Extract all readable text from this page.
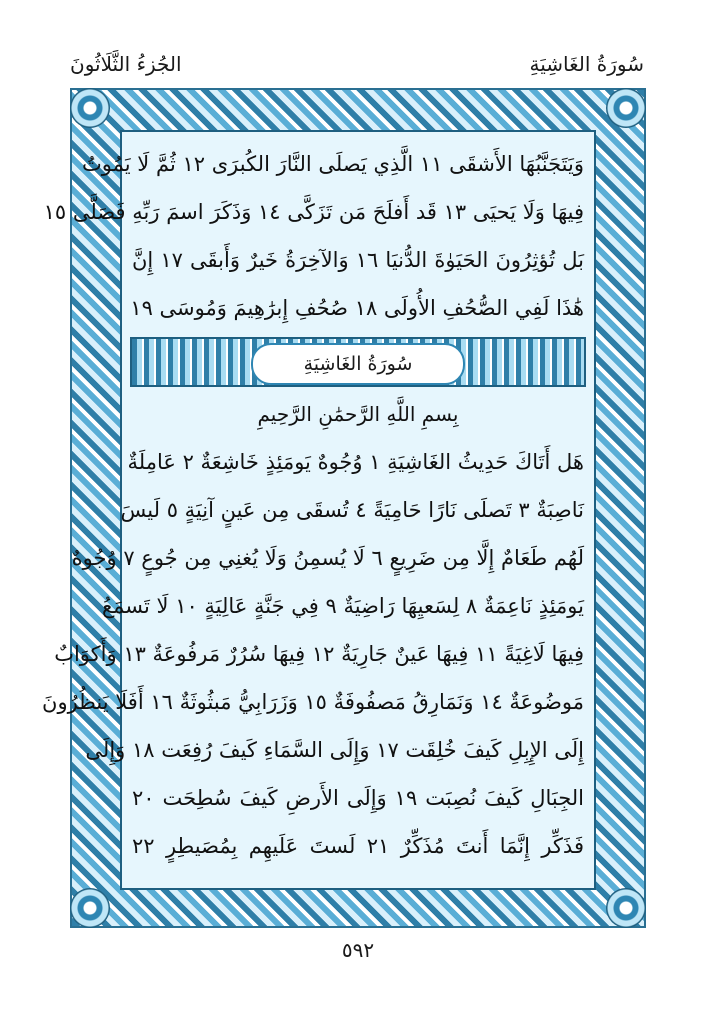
الجُزءُ الثَّلَاثُونَ	سُورَةُ الغَاشِيَةِ
وَيَتَجَنَّبُهَا الأَشقَى ١١ الَّذِي يَصلَى النَّارَ الكُبرَى ١٢ ثُمَّ لَا يَمُوتُ
فِيهَا وَلَا يَحيَى ١٣ قَد أَفلَحَ مَن تَزَكَّى ١٤ وَذَكَرَ اسمَ رَبِّهِ فَصَلَّى ١٥
بَل تُؤثِرُونَ الحَيَوٰةَ الدُّنيَا ١٦ وَالآخِرَةُ خَيرٌ وَأَبقَى ١٧ إِنَّ
هَٰذَا لَفِي الصُّحُفِ الأُولَى ١٨ صُحُفِ إِبرَٰهِيمَ وَمُوسَى ١٩
سُورَةُ الغَاشِيَةِ
بِسمِ اللَّهِ الرَّحمَٰنِ الرَّحِيمِ
هَل أَتَاكَ حَدِيثُ الغَاشِيَةِ ١ وُجُوهٌ يَومَئِذٍ خَاشِعَةٌ ٢ عَامِلَةٌ
نَاصِبَةٌ ٣ تَصلَى نَارًا حَامِيَةً ٤ تُسقَى مِن عَينٍ آنِيَةٍ ٥ لَيسَ
لَهُم طَعَامٌ إِلَّا مِن ضَرِيعٍ ٦ لَا يُسمِنُ وَلَا يُغنِي مِن جُوعٍ ٧ وُجُوهٌ
يَومَئِذٍ نَاعِمَةٌ ٨ لِسَعيِهَا رَاضِيَةٌ ٩ فِي جَنَّةٍ عَالِيَةٍ ١٠ لَا تَسمَعُ
فِيهَا لَاغِيَةً ١١ فِيهَا عَينٌ جَارِيَةٌ ١٢ فِيهَا سُرُرٌ مَرفُوعَةٌ ١٣ وَأَكوَابٌ
مَوضُوعَةٌ ١٤ وَنَمَارِقُ مَصفُوفَةٌ ١٥ وَزَرَابِيُّ مَبثُوثَةٌ ١٦ أَفَلَا يَنظُرُونَ
إِلَى الإِبِلِ كَيفَ خُلِقَت ١٧ وَإِلَى السَّمَاءِ كَيفَ رُفِعَت ١٨ وَإِلَى
الجِبَالِ كَيفَ نُصِبَت ١٩ وَإِلَى الأَرضِ كَيفَ سُطِحَت ٢٠
فَذَكِّر إِنَّمَا أَنتَ مُذَكِّرٌ ٢١ لَستَ عَلَيهِم بِمُصَيطِرٍ ٢٢
٥٩٢
